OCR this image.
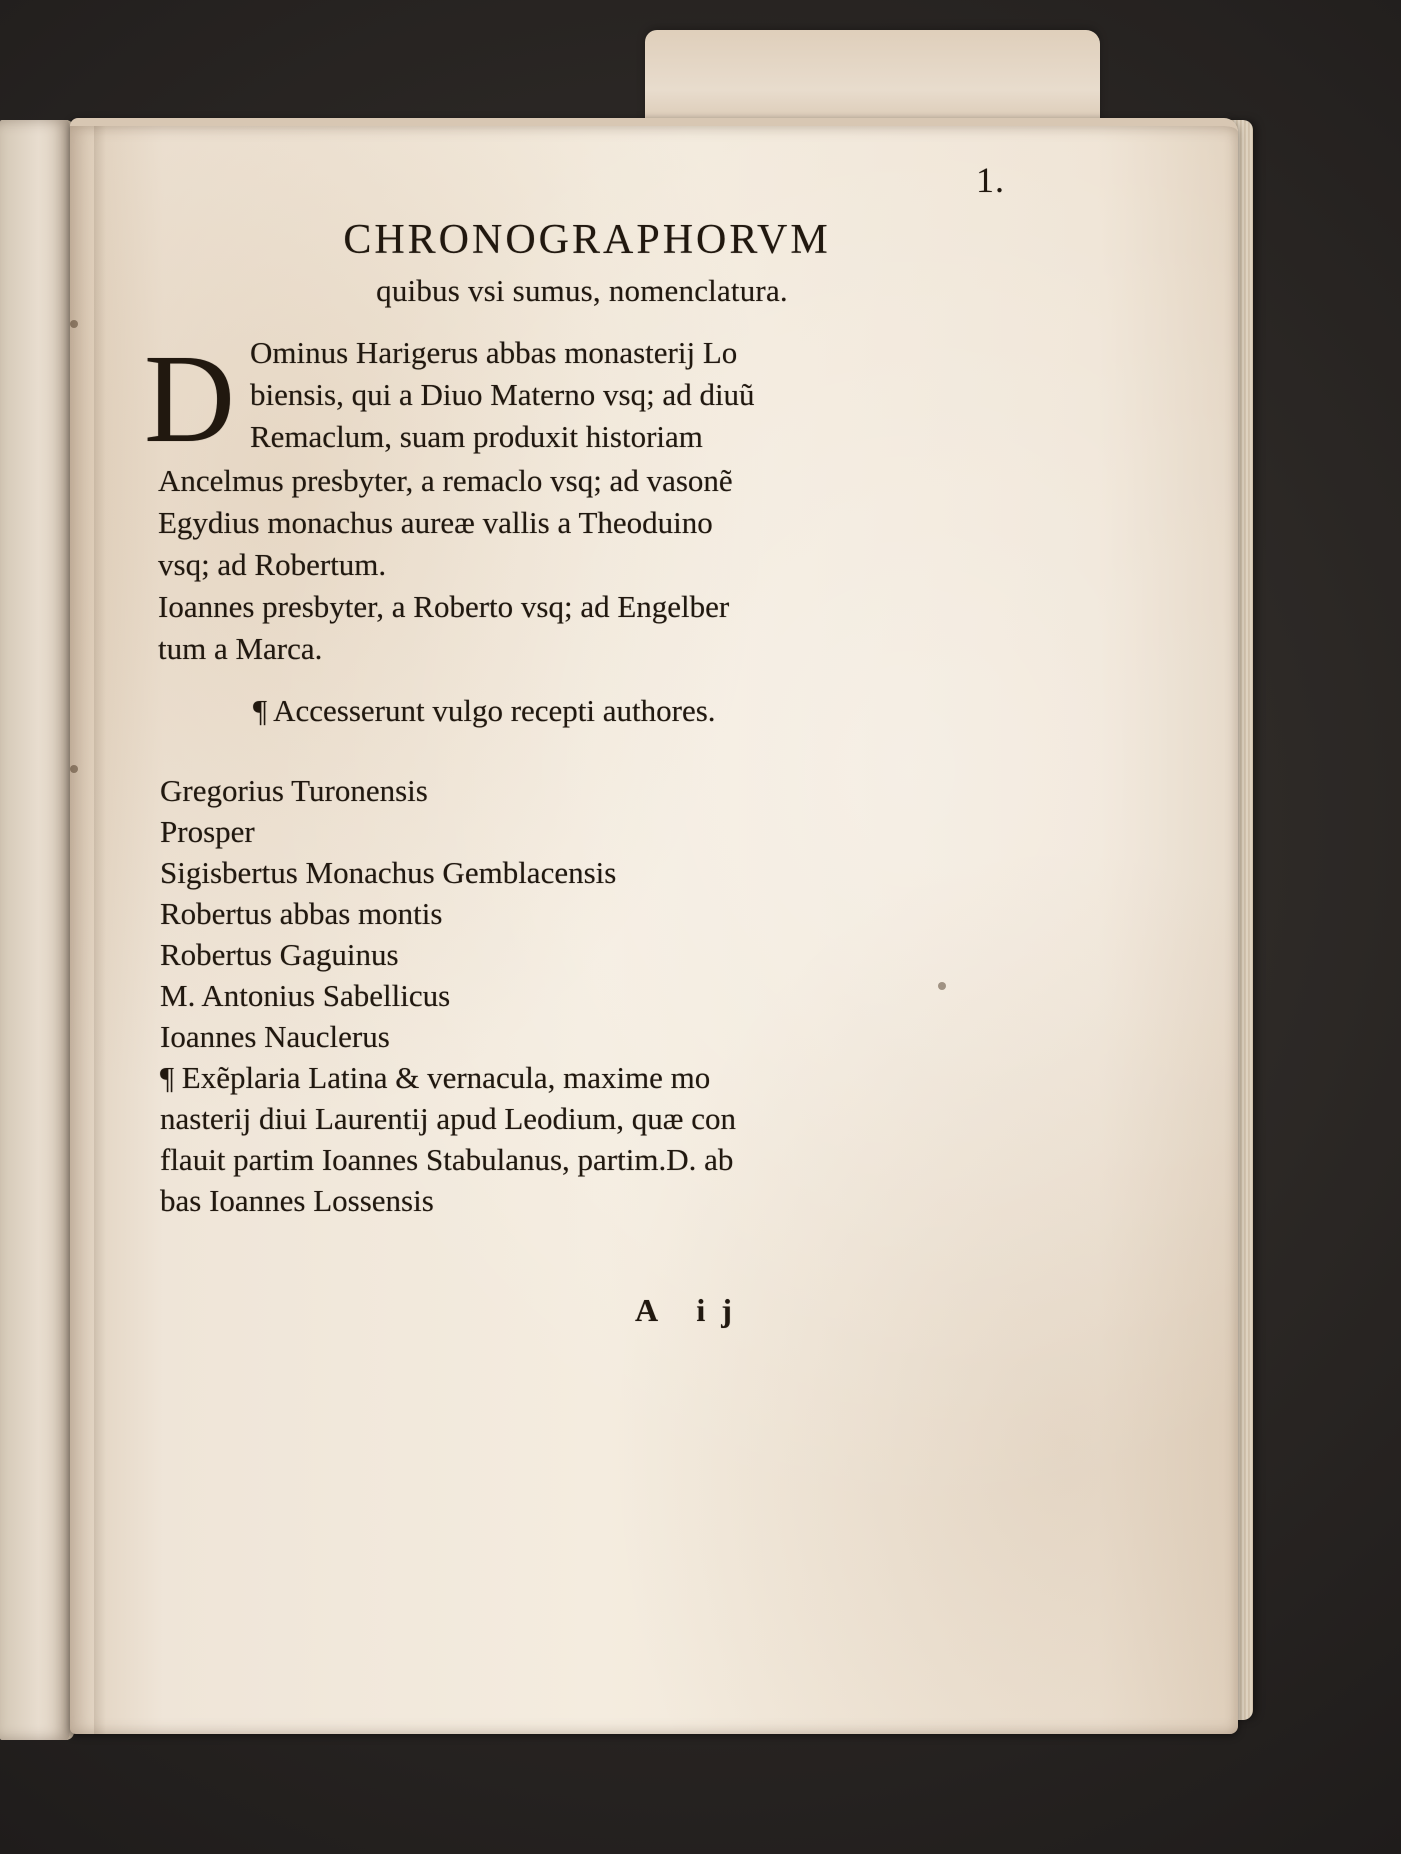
1.
CHRONOGRAPHORVM
quibus vsi sumus, nomenclatura.
D Ominus Harigerus abbas monasterij Lo
biensis, qui a Diuo Materno vsq; ad diuũ
Remaclum, suam produxit historiam
Ancelmus presbyter, a remaclo vsq; ad vasonẽ
Egydius monachus aureæ vallis a Theoduino
vsq; ad Robertum.
Ioannes presbyter, a Roberto vsq; ad Engelber
tum a Marca.
¶ Accesserunt vulgo recepti authores.
Gregorius Turonensis
Prosper
Sigisbertus Monachus Gemblacensis
Robertus abbas montis
Robertus Gaguinus
M. Antonius Sabellicus
Ioannes Nauclerus
¶ Exẽplaria Latina & vernacula, maxime mo
nasterij diui Laurentij apud Leodium, quæ con
flauit partim Ioannes Stabulanus, partim.D. ab
bas Ioannes Lossensis
A ij
